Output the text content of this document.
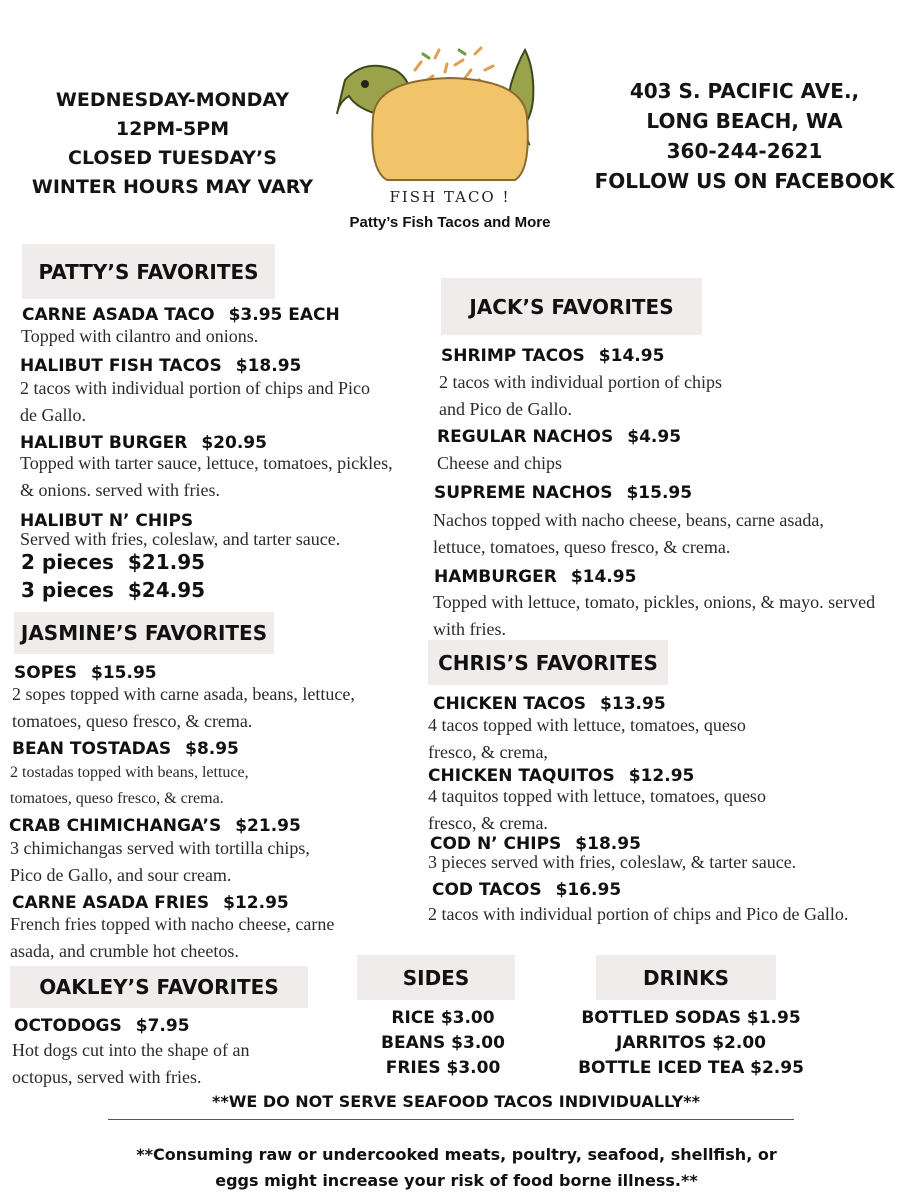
WEDNESDAY-MONDAY
12PM-5PM
CLOSED TUESDAY’S
WINTER HOURS MAY VARY
403 S. PACIFIC AVE.,
LONG BEACH, WA
360-244-2621
FOLLOW US ON FACEBOOK
FISH TACO !
Patty’s Fish Tacos and More
PATTY’S FAVORITES
CARNE ASADA TACO $3.95 EACH
Topped with cilantro and onions.
HALIBUT FISH TACOS $18.95
2 tacos with individual portion of chips and Pico de Gallo.
HALIBUT BURGER $20.95
Topped with tarter sauce, lettuce, tomatoes, pickles, & onions. served with fries.
HALIBUT N’ CHIPS
Served with fries, coleslaw, and tarter sauce.
2 pieces $21.95
3 pieces $24.95
JASMINE’S FAVORITES
SOPES $15.95
2 sopes topped with carne asada, beans, lettuce, tomatoes, queso fresco, & crema.
BEAN TOSTADAS $8.95
2 tostadas topped with beans, lettuce, tomatoes, queso fresco, & crema.
CRAB CHIMICHANGA’S $21.95
3 chimichangas served with tortilla chips, Pico de Gallo, and sour cream.
CARNE ASADA FRIES $12.95
French fries topped with nacho cheese, carne asada, and crumble hot cheetos.
OAKLEY’S FAVORITES
OCTODOGS $7.95
Hot dogs cut into the shape of an octopus, served with fries.
JACK’S FAVORITES
SHRIMP TACOS $14.95
2 tacos with individual portion of chips and Pico de Gallo.
REGULAR NACHOS $4.95
Cheese and chips
SUPREME NACHOS $15.95
Nachos topped with nacho cheese, beans, carne asada, lettuce, tomatoes, queso fresco, & crema.
HAMBURGER $14.95
Topped with lettuce, tomato, pickles, onions, & mayo. served with fries.
CHRIS’S FAVORITES
CHICKEN TACOS $13.95
4 tacos topped with lettuce, tomatoes, queso fresco, & crema,
CHICKEN TAQUITOS $12.95
4 taquitos topped with lettuce, tomatoes, queso fresco, & crema.
COD N’ CHIPS $18.95
3 pieces served with fries, coleslaw, & tarter sauce.
COD TACOS $16.95
2 tacos with individual portion of chips and Pico de Gallo.
SIDES
RICE $3.00
BEANS $3.00
FRIES $3.00
DRINKS
BOTTLED SODAS $1.95
JARRITOS $2.00
BOTTLE ICED TEA $2.95
**WE DO NOT SERVE SEAFOOD TACOS INDIVIDUALLY**
**Consuming raw or undercooked meats, poultry, seafood, shellfish, or
eggs might increase your risk of food borne illness.**
